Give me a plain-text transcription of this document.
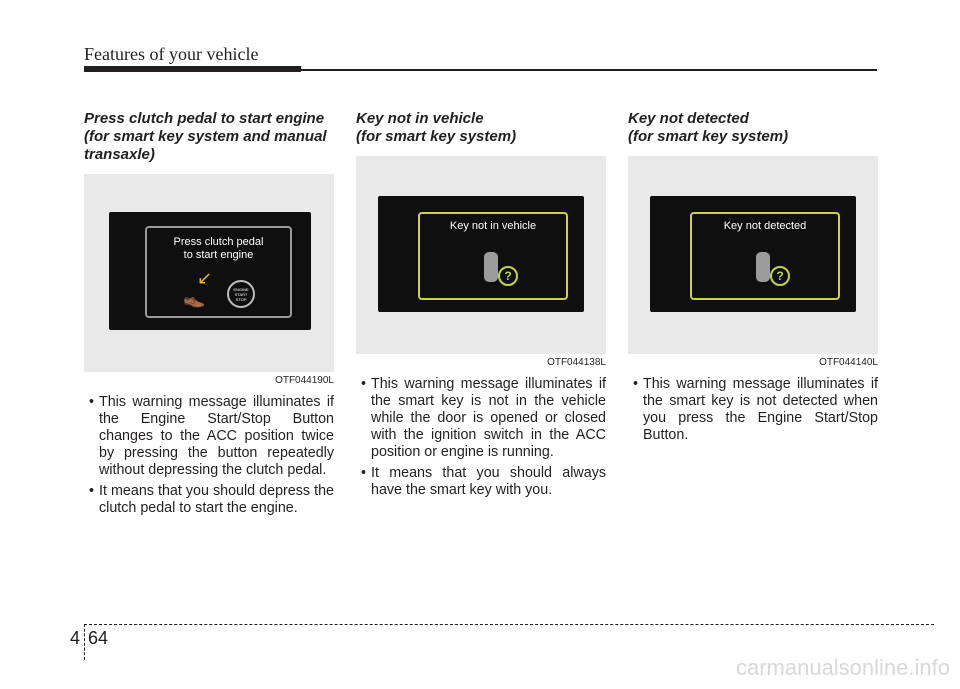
Features of your vehicle
Press clutch pedal to start engine
(for smart key system and manual
transaxle)
Press clutch pedal
to start engine
↙
👞	ENGINE
START
STOP
OTF044190L
• This warning message illuminates if the Engine Start/Stop Button changes to the ACC position twice by pressing the button repeatedly without depressing the clutch pedal.
• It means that you should depress the clutch pedal to start the engine.
Key not in vehicle
(for smart key system)
Key not in vehicle
?
OTF044138L
• This warning message illuminates if the smart key is not in the vehicle while the door is opened or closed with the ignition switch in the ACC position or engine is running.
• It means that you should always have the smart key with you.
Key not detected
(for smart key system)
Key not detected
?
OTF044140L
• This warning message illuminates if the smart key is not detected when you press the Engine Start/Stop Button.
4 64
carmanualsonline.info
